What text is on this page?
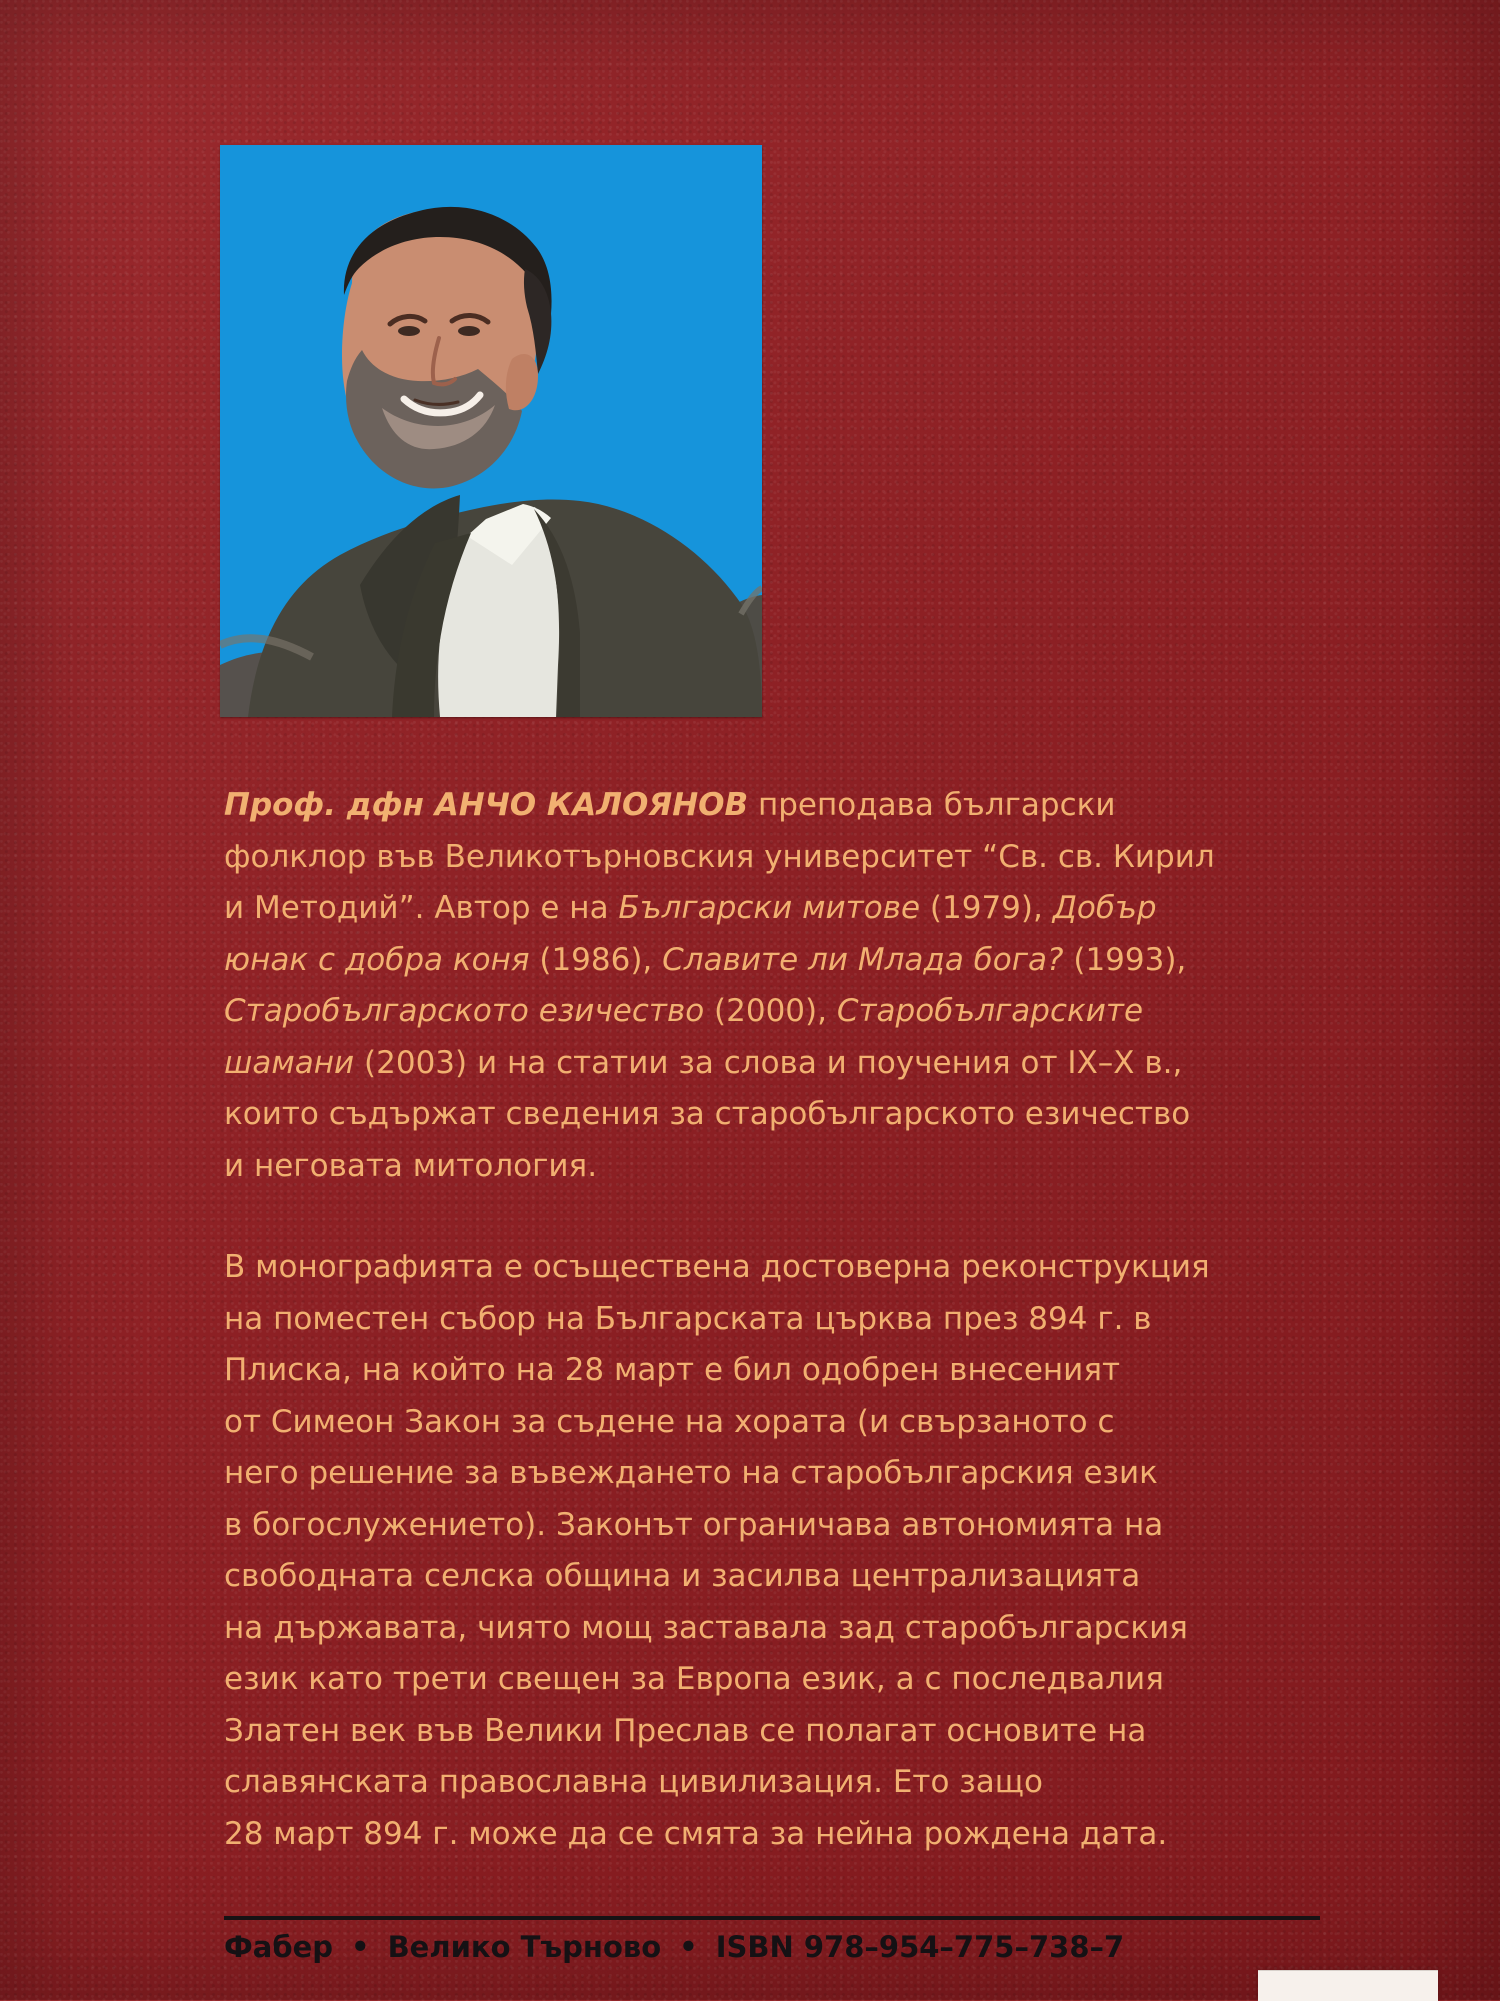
Проф. дфн АНЧО КАЛОЯНОВ преподава български
фолклор във Великотърновския университет “Св. св. Кирил
и Методий”. Автор е на Български митове (1979), Добър
юнак с добра коня (1986), Славите ли Млада бога? (1993),
Старобългарското езичество (2000), Старобългарските
шамани (2003) и на статии за слова и поучения от IX–X в.,
които съдържат сведения за старобългарското езичество
и неговата митология.

В монографията е осъществена достоверна реконструкция
на поместен събор на Българската църква през 894 г. в
Плиска, на който на 28 март е бил одобрен внесеният
от Симеон Закон за съдене на хората (и свързаното с
него решение за въвеждането на старобългарския език
в богослужението). Законът ограничава автономията на
свободната селска община и засилва централизацията
на държавата, чиято мощ заставала зад старобългарския
език като трети свещен за Европа език, а с последвалия
Златен век във Велики Преслав се полагат основите на
славянската православна цивилизация. Ето защо
28 март 894 г. може да се смята за нейна рождена дата.

Фабер • Велико Търново • ISBN 978–954–775–738–7
